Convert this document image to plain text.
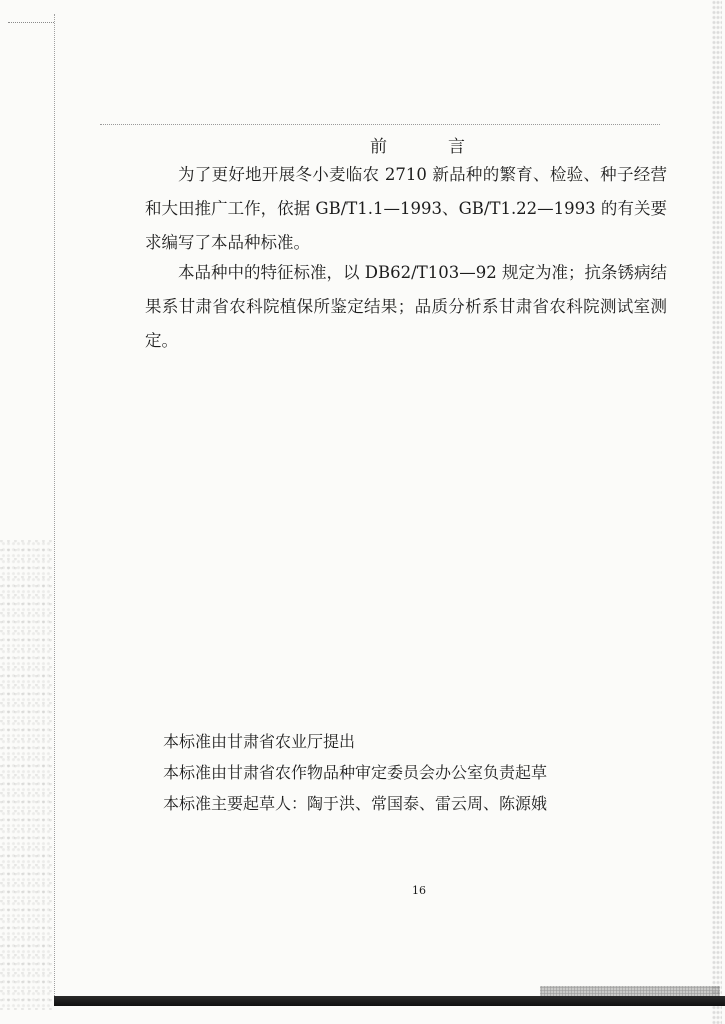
前　言

为了更好地开展冬小麦临农 2710 新品种的繁育、检验、种子经营和大田推广工作，依据 GB/T1.1—1993、GB/T1.22—1993 的有关要求编写了本品种标准。

本品种中的特征标准，以 DB62/T103—92 规定为准；抗条锈病结果系甘肃省农科院植保所鉴定结果；品质分析系甘肃省农科院测试室测定。

本标准由甘肃省农业厅提出
本标准由甘肃省农作物品种审定委员会办公室负责起草
本标准主要起草人：陶于洪、常国泰、雷云周、陈源娥
16
